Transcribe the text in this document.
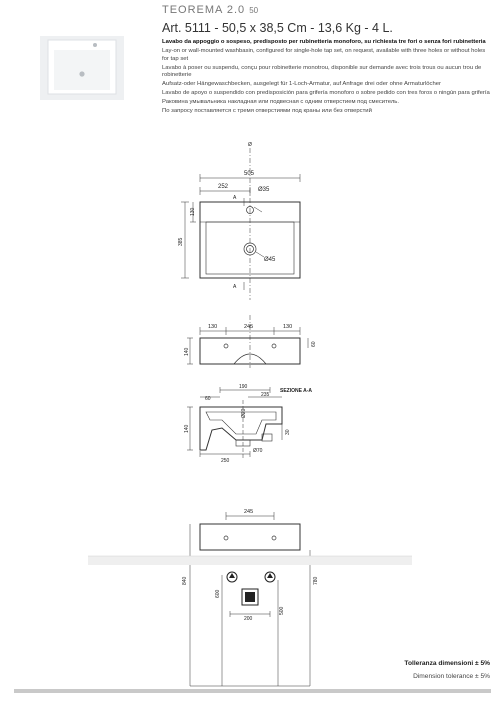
TEOREMA 2.0 50
Art. 5111 - 50,5 x 38,5 Cm - 13,6 Kg - 4 L.

Lavabo da appoggio o sospeso, predisposto per rubinetteria monoforo, su richiesta tre fori o senza fori rubinetteria

Lay-on or wall-mounted washbasin, configured for single-hole tap set, on request, available with three holes or without holes for tap set

Lavabo à poser ou suspendu, conçu pour robinetterie monotrou, disponible sur demande avec trois trous ou aucun trou de robinetterie

Aufsatz-oder Hängewaschbecken, ausgelegt für 1-Loch-Armatur, auf Anfrage drei oder ohne Armaturlöcher

Lavabo de apoyo o suspendido con predisposición para grifería monoforo o sobre pedido con tres foros o ningún para grifería

Раковина умывальника накладная или подвесная с одним отверстием под смеситель.

По запросу поставляется с тремя отверстиями под краны или без отверстий

Ø
505
252	Ø35
Ø45
130
385
A
A
130	245	130
140
60
SEZIONE A-A
190
60
235
140
Ø20
30
250
Ø70
245
840	780
600
500
200
Tolleranza dimensioni ± 5%
Dimension tolerance ± 5%
